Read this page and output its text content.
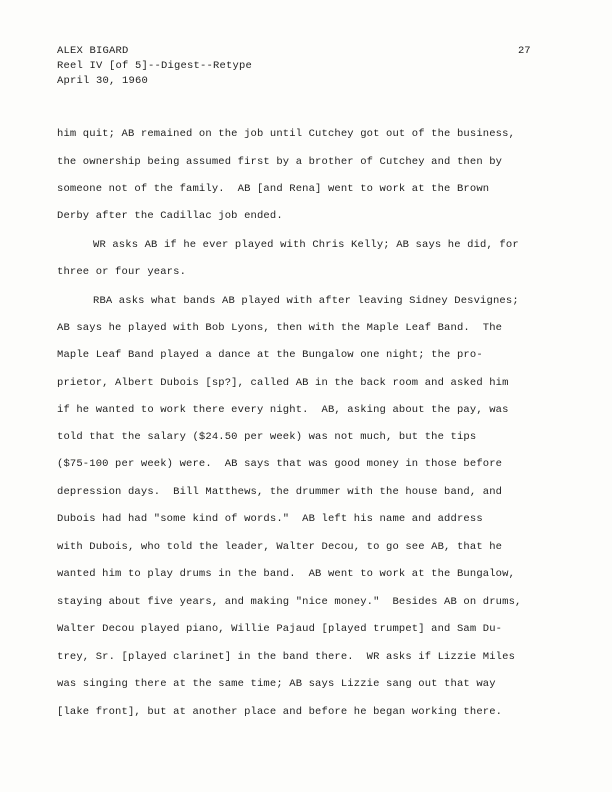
ALEX BIGARD
Reel IV [of 5]--Digest--Retype
April 30, 1960
27
him quit; AB remained on the job until Cutchey got out of the business,
the ownership being assumed first by a brother of Cutchey and then by
someone not of the family.  AB [and Rena] went to work at the Brown
Derby after the Cadillac job ended.
WR asks AB if he ever played with Chris Kelly; AB says he did, for
three or four years.
RBA asks what bands AB played with after leaving Sidney Desvignes;
AB says he played with Bob Lyons, then with the Maple Leaf Band.  The
Maple Leaf Band played a dance at the Bungalow one night; the pro-
prietor, Albert Dubois [sp?], called AB in the back room and asked him
if he wanted to work there every night.  AB, asking about the pay, was
told that the salary ($24.50 per week) was not much, but the tips
($75-100 per week) were.  AB says that was good money in those before
depression days.  Bill Matthews, the drummer with the house band, and
Dubois had had "some kind of words."  AB left his name and address
with Dubois, who told the leader, Walter Decou, to go see AB, that he
wanted him to play drums in the band.  AB went to work at the Bungalow,
staying about five years, and making "nice money."  Besides AB on drums,
Walter Decou played piano, Willie Pajaud [played trumpet] and Sam Du-
trey, Sr. [played clarinet] in the band there.  WR asks if Lizzie Miles
was singing there at the same time; AB says Lizzie sang out that way
[lake front], but at another place and before he began working there.
